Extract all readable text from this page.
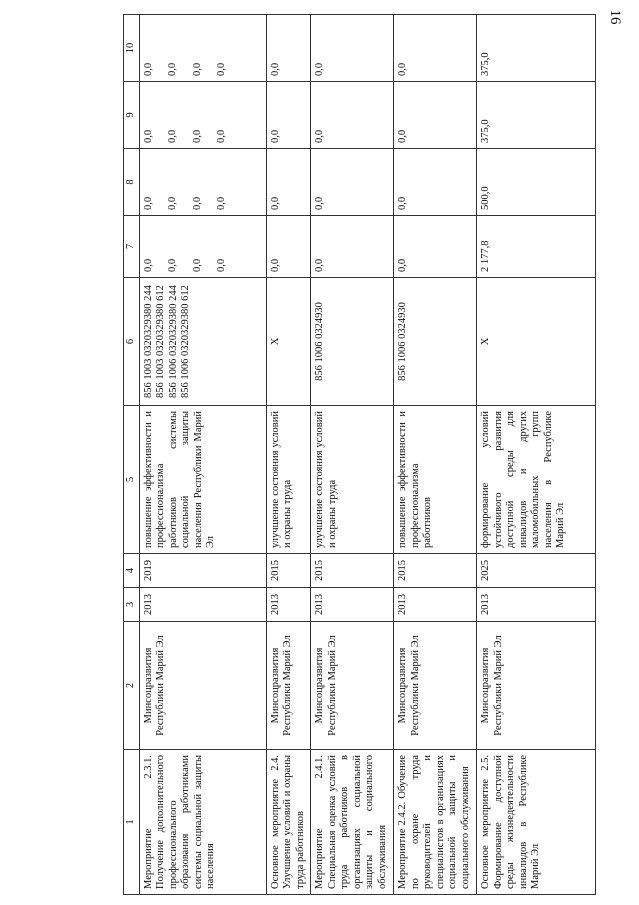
16
1	2	3	4	5	6	7	8	9	10
Мероприятие 2.3.1. Получение дополнительного профессионального образования работниками системы социальной защиты населения	Минсоцразвития Республики Марий Эл	2013	2019	повышение эффективности и профессионализма работников системы социальной защиты населения Республики Марий Эл	856 1003 0320329380 244 856 1003 0320329380 612 856 1006 0320329380 244 856 1006 0320329380 612	0,0 0,0 0,0 0,0	0,0 0,0 0,0 0,0	0,0 0,0 0,0 0,0	0,0 0,0 0,0 0,0

Основное мероприятие 2.4. Улучшение условий и охраны труда работников	Минсоцразвития Республики Марий Эл	2013	2015	улучшение состояния условий и охраны труда	Х	0,0	0,0	0,0	0,0
Мероприятие 2.4.1. Специальная оценка условий труда работников в организациях социальной защиты и социального обслуживания	Минсоцразвития Республики Марий Эл	2013	2015	улучшение состояния условий и охраны труда	856 1006 0324930	0,0	0,0	0,0	0,0
Мероприятие 2.4.2. Обучение по охране труда руководителей и специалистов в организациях социальной защиты и социального обслуживания	Минсоцразвития Республики Марий Эл	2013	2015	повышение эффективности и профессионализма работников	856 1006 0324930	0,0	0,0	0,0	0,0
Основное мероприятие 2.5. Формирование доступной среды жизнедеятельности инвалидов в Республике Марий Эл	Минсоцразвития Республики Марий Эл	2013	2025	формирование условий устойчивого развития доступной среды для инвалидов и других маломобильных групп населения в Республике Марий Эл	Х	2 177,8	500,0	375,0	375,0
